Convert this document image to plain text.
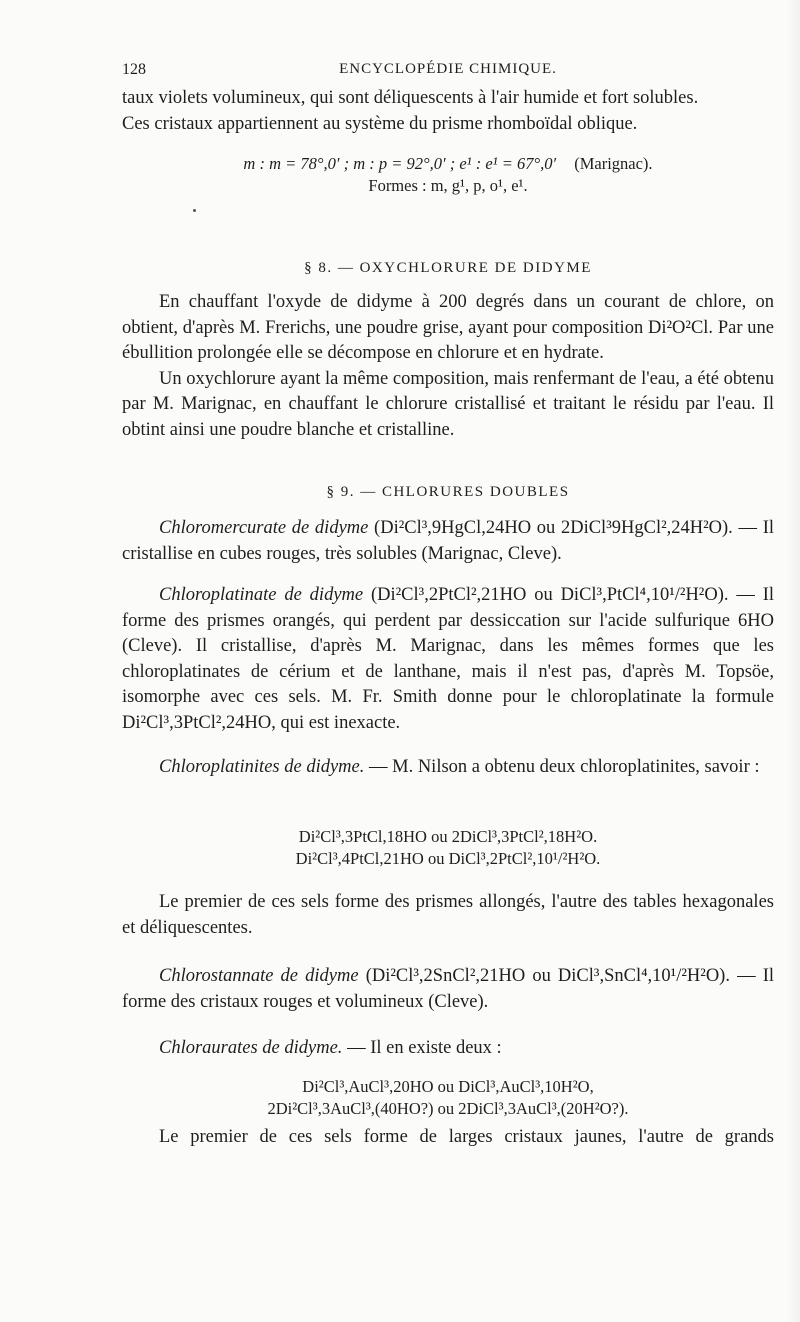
128	ENCYCLOPÉDIE CHIMIQUE.

taux violets volumineux, qui sont déliquescents à l'air humide et fort solubles.

Ces cristaux appartiennent au système du prisme rhomboïdal oblique.

m : m = 78°,0′ ; m : p = 92°,0′ ; e¹ : e¹ = 67°,0′ (Marignac).
Formes : m, g¹, p, o¹, e¹.
§ 8. — OXYCHLORURE DE DIDYME

En chauffant l'oxyde de didyme à 200 degrés dans un courant de chlore, on obtient, d'après M. Frerichs, une poudre grise, ayant pour composition Di²O²Cl. Par une ébullition prolongée elle se décompose en chlorure et en hydrate.

Un oxychlorure ayant la même composition, mais renfermant de l'eau, a été obtenu par M. Marignac, en chauffant le chlorure cristallisé et traitant le résidu par l'eau. Il obtint ainsi une poudre blanche et cristalline.

§ 9. — CHLORURES DOUBLES

Chloromercurate de didyme (Di²Cl³,9HgCl,24HO ou 2DiCl³9HgCl²,24H²O). — Il cristallise en cubes rouges, très solubles (Marignac, Cleve).

Chloroplatinate de didyme (Di²Cl³,2PtCl²,21HO ou DiCl³,PtCl⁴,10¹/²H²O). — Il forme des prismes orangés, qui perdent par dessiccation sur l'acide sulfurique 6HO (Cleve). Il cristallise, d'après M. Marignac, dans les mêmes formes que les chloroplatinates de cérium et de lanthane, mais il n'est pas, d'après M. Topsöe, isomorphe avec ces sels. M. Fr. Smith donne pour le chloroplatinate la formule Di²Cl³,3PtCl²,24HO, qui est inexacte.

Chloroplatinites de didyme. — M. Nilson a obtenu deux chloroplatinites, savoir :

Di²Cl³,3PtCl,18HO ou 2DiCl³,3PtCl²,18H²O.
Di²Cl³,4PtCl,21HO ou DiCl³,2PtCl²,10¹/²H²O.

Le premier de ces sels forme des prismes allongés, l'autre des tables hexagonales et déliquescentes.

Chlorostannate de didyme (Di²Cl³,2SnCl²,21HO ou DiCl³,SnCl⁴,10¹/²H²O). — Il forme des cristaux rouges et volumineux (Cleve).

Chloraurates de didyme. — Il en existe deux :

Di²Cl³,AuCl³,20HO ou DiCl³,AuCl³,10H²O,
2Di²Cl³,3AuCl³,(40HO?) ou 2DiCl³,3AuCl³,(20H²O?).

Le premier de ces sels forme de larges cristaux jaunes, l'autre de grands
